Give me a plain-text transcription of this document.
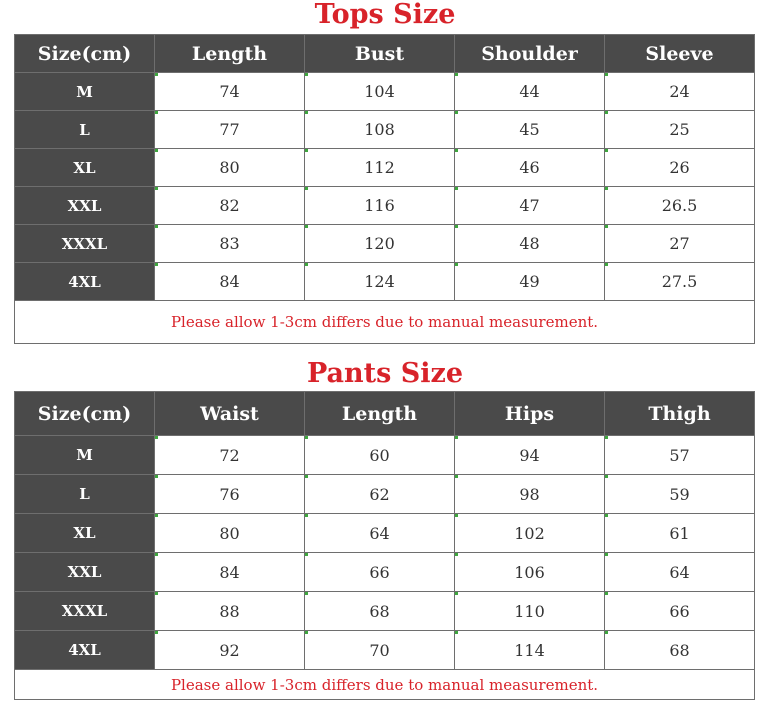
Tops Size
Size(cm)	Length	Bust	Shoulder	Sleeve
M	74	104	44	24
L	77	108	45	25
XL	80	112	46	26
XXL	82	116	47	26.5
XXXL	83	120	48	27
4XL	84	124	49	27.5
Please allow 1-3cm differs due to manual measurement.				
Pants Size
Size(cm)	Waist	Length	Hips	Thigh
M	72	60	94	57
L	76	62	98	59
XL	80	64	102	61
XXL	84	66	106	64
XXXL	88	68	110	66
4XL	92	70	114	68
Please allow 1-3cm differs due to manual measurement.				
